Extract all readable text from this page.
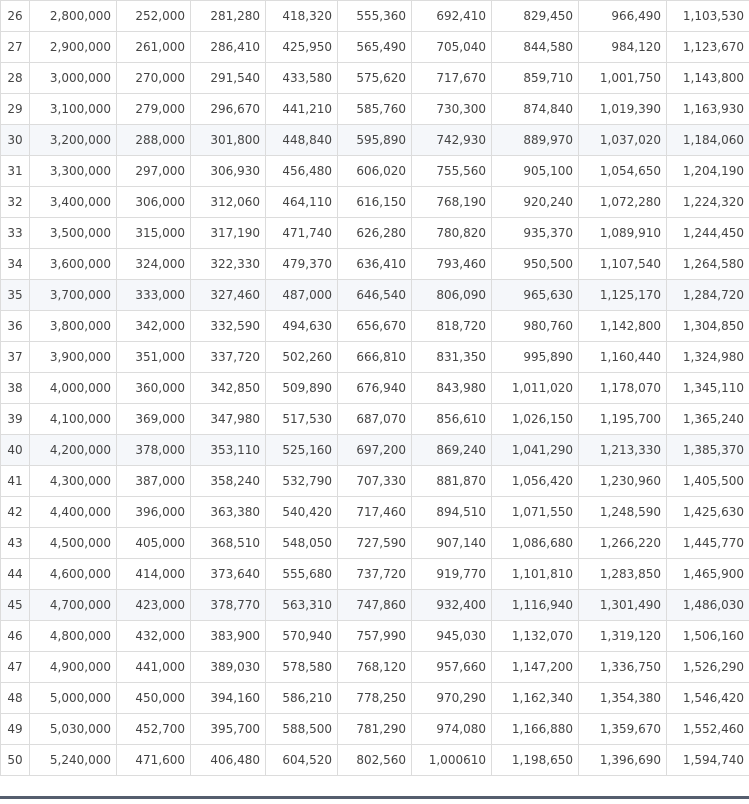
26	2,800,000	252,000	281,280	418,320	555,360	692,410	829,450	966,490	1,103,530
27	2,900,000	261,000	286,410	425,950	565,490	705,040	844,580	984,120	1,123,670
28	3,000,000	270,000	291,540	433,580	575,620	717,670	859,710	1,001,750	1,143,800
29	3,100,000	279,000	296,670	441,210	585,760	730,300	874,840	1,019,390	1,163,930
30	3,200,000	288,000	301,800	448,840	595,890	742,930	889,970	1,037,020	1,184,060
31	3,300,000	297,000	306,930	456,480	606,020	755,560	905,100	1,054,650	1,204,190
32	3,400,000	306,000	312,060	464,110	616,150	768,190	920,240	1,072,280	1,224,320
33	3,500,000	315,000	317,190	471,740	626,280	780,820	935,370	1,089,910	1,244,450
34	3,600,000	324,000	322,330	479,370	636,410	793,460	950,500	1,107,540	1,264,580
35	3,700,000	333,000	327,460	487,000	646,540	806,090	965,630	1,125,170	1,284,720
36	3,800,000	342,000	332,590	494,630	656,670	818,720	980,760	1,142,800	1,304,850
37	3,900,000	351,000	337,720	502,260	666,810	831,350	995,890	1,160,440	1,324,980
38	4,000,000	360,000	342,850	509,890	676,940	843,980	1,011,020	1,178,070	1,345,110
39	4,100,000	369,000	347,980	517,530	687,070	856,610	1,026,150	1,195,700	1,365,240
40	4,200,000	378,000	353,110	525,160	697,200	869,240	1,041,290	1,213,330	1,385,370
41	4,300,000	387,000	358,240	532,790	707,330	881,870	1,056,420	1,230,960	1,405,500
42	4,400,000	396,000	363,380	540,420	717,460	894,510	1,071,550	1,248,590	1,425,630
43	4,500,000	405,000	368,510	548,050	727,590	907,140	1,086,680	1,266,220	1,445,770
44	4,600,000	414,000	373,640	555,680	737,720	919,770	1,101,810	1,283,850	1,465,900
45	4,700,000	423,000	378,770	563,310	747,860	932,400	1,116,940	1,301,490	1,486,030
46	4,800,000	432,000	383,900	570,940	757,990	945,030	1,132,070	1,319,120	1,506,160
47	4,900,000	441,000	389,030	578,580	768,120	957,660	1,147,200	1,336,750	1,526,290
48	5,000,000	450,000	394,160	586,210	778,250	970,290	1,162,340	1,354,380	1,546,420
49	5,030,000	452,700	395,700	588,500	781,290	974,080	1,166,880	1,359,670	1,552,460
50	5,240,000	471,600	406,480	604,520	802,560	1,000610	1,198,650	1,396,690	1,594,740
